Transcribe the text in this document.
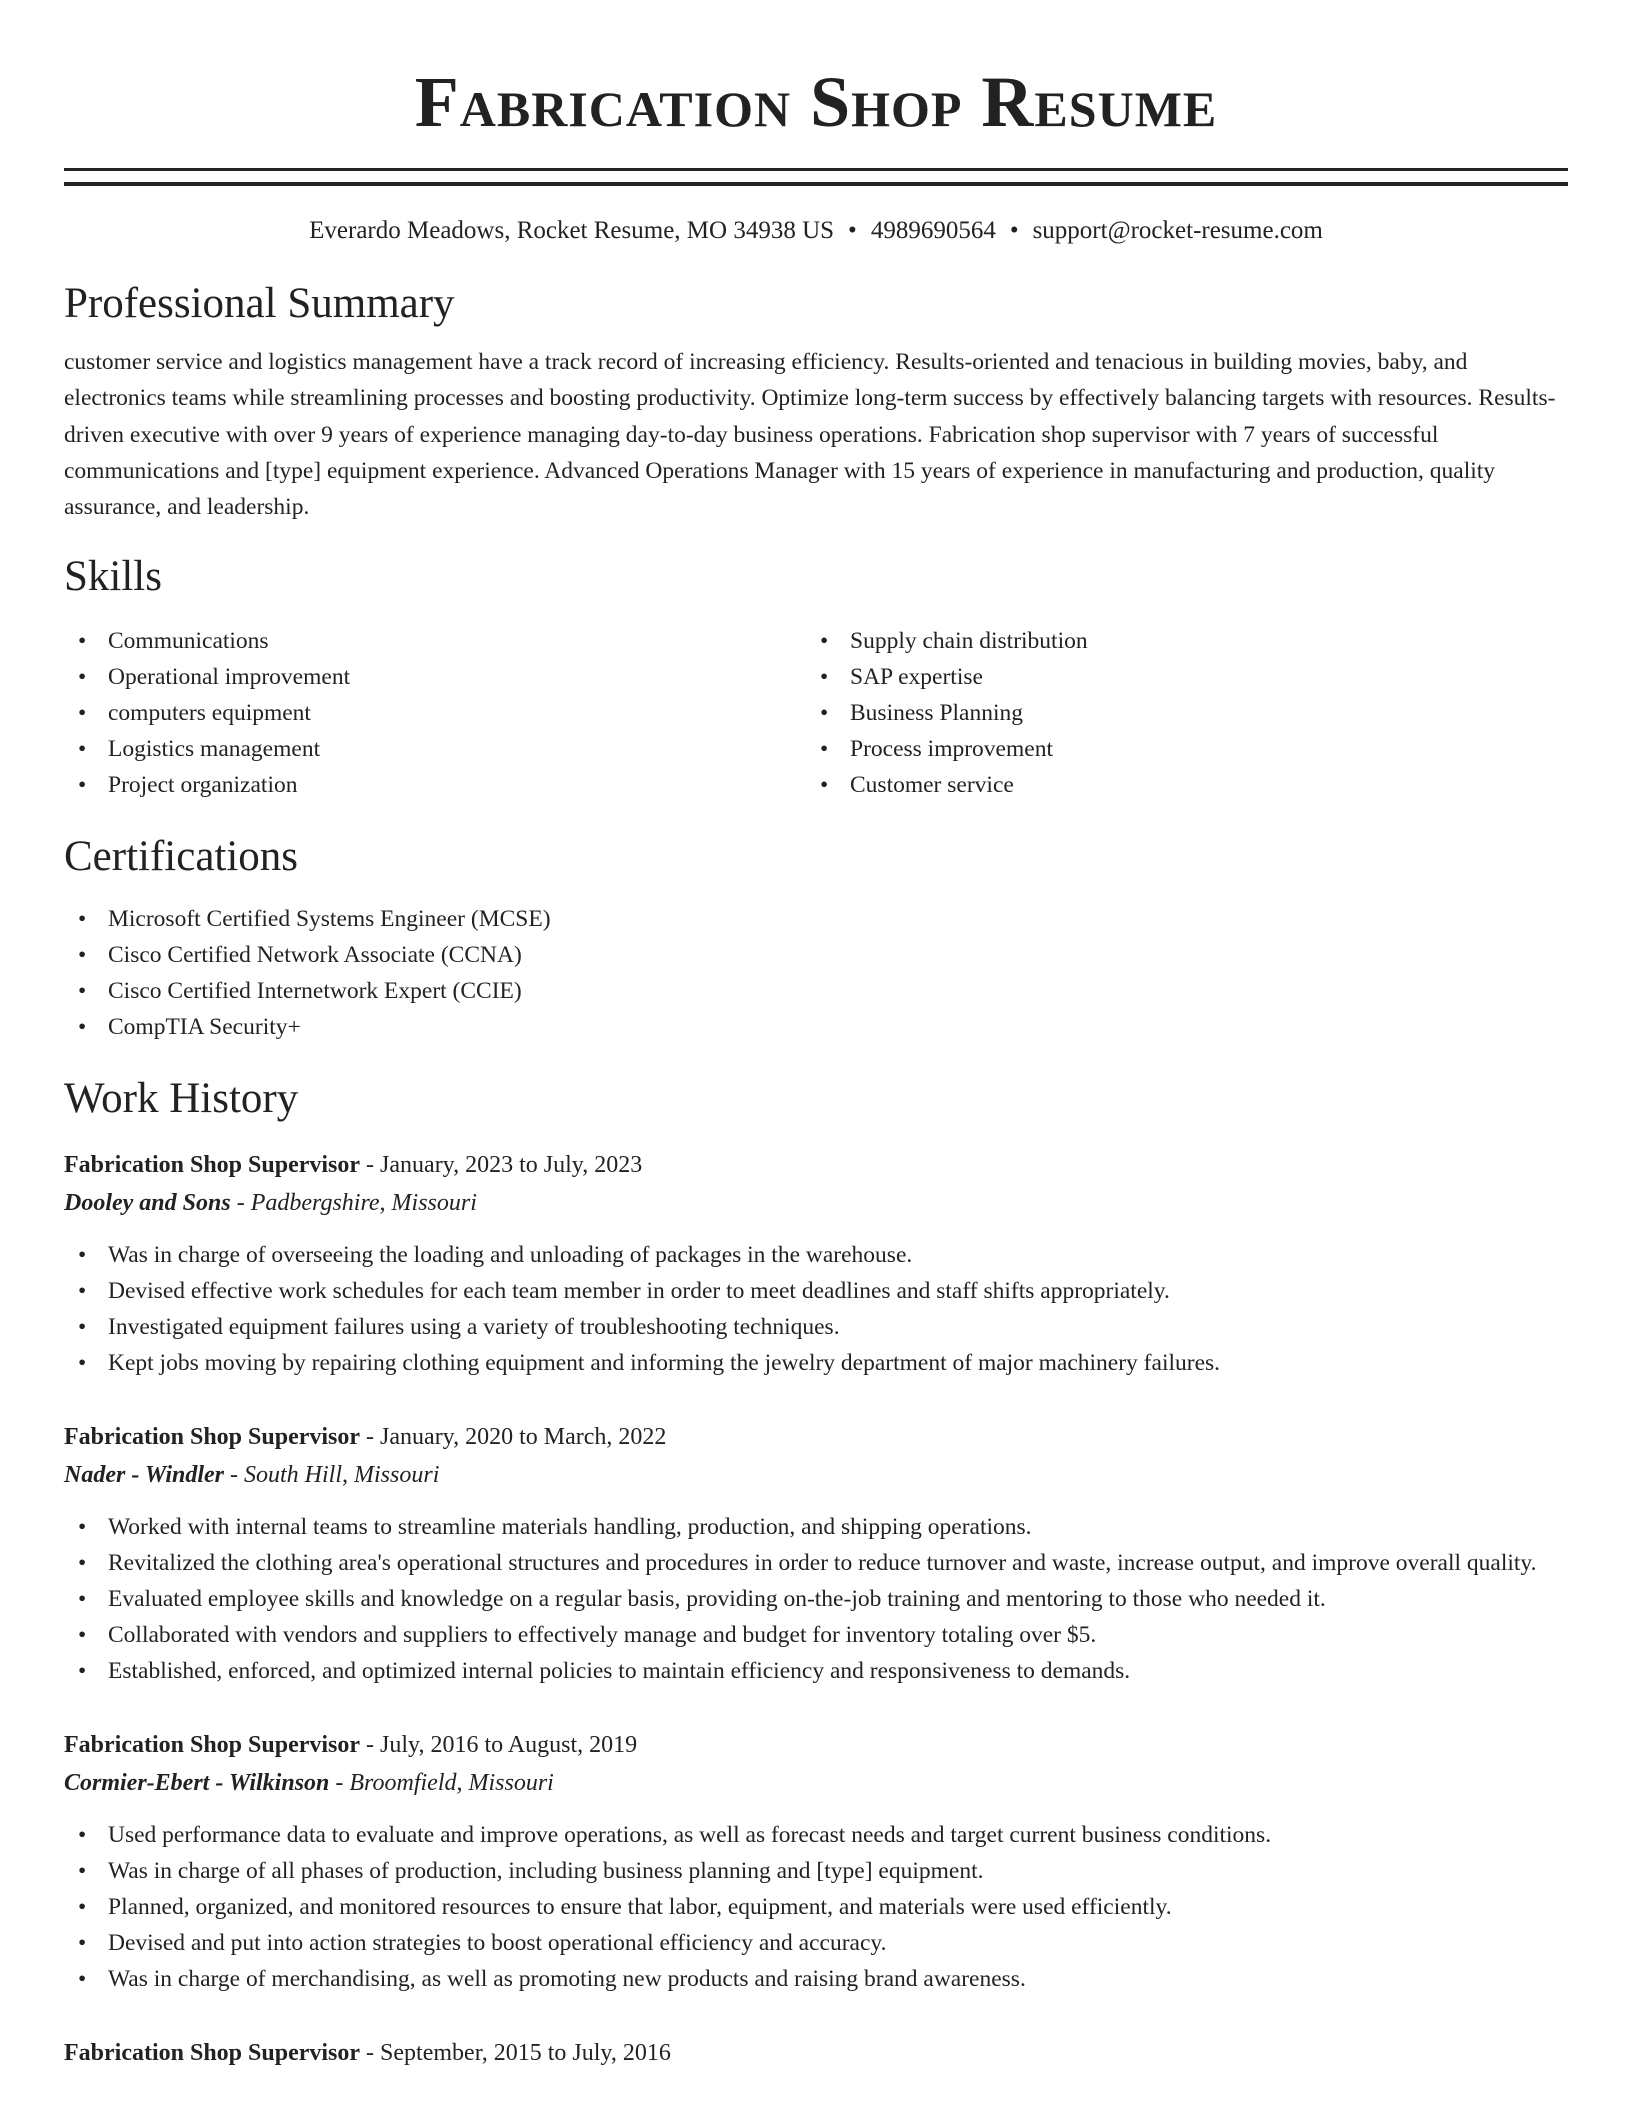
Fabrication Shop Resume
Everardo Meadows, Rocket Resume, MO 34938 US • 4989690564 • support@rocket-resume.com
Professional Summary

customer service and logistics management have a track record of increasing efficiency. Results-oriented and tenacious in building movies, baby, and electronics teams while streamlining processes and boosting productivity. Optimize long-term success by effectively balancing targets with resources. Results-driven executive with over 9 years of experience managing day-to-day business operations. Fabrication shop supervisor with 7 years of successful communications and [type] equipment experience. Advanced Operations Manager with 15 years of experience in manufacturing and production, quality assurance, and leadership.

Skills
• Communications
• Operational improvement
• computers equipment
• Logistics management
• Project organization
• Supply chain distribution
• SAP expertise
• Business Planning
• Process improvement
• Customer service
Certifications
• Microsoft Certified Systems Engineer (MCSE)
• Cisco Certified Network Associate (CCNA)
• Cisco Certified Internetwork Expert (CCIE)
• CompTIA Security+
Work History
Fabrication Shop Supervisor - January, 2023 to July, 2023
Dooley and Sons - Padbergshire, Missouri
• Was in charge of overseeing the loading and unloading of packages in the warehouse.
• Devised effective work schedules for each team member in order to meet deadlines and staff shifts appropriately.
• Investigated equipment failures using a variety of troubleshooting techniques.
• Kept jobs moving by repairing clothing equipment and informing the jewelry department of major machinery failures.
Fabrication Shop Supervisor - January, 2020 to March, 2022
Nader - Windler - South Hill, Missouri
• Worked with internal teams to streamline materials handling, production, and shipping operations.
• Revitalized the clothing area's operational structures and procedures in order to reduce turnover and waste, increase output, and improve overall quality.
• Evaluated employee skills and knowledge on a regular basis, providing on-the-job training and mentoring to those who needed it.
• Collaborated with vendors and suppliers to effectively manage and budget for inventory totaling over $5.
• Established, enforced, and optimized internal policies to maintain efficiency and responsiveness to demands.
Fabrication Shop Supervisor - July, 2016 to August, 2019
Cormier-Ebert - Wilkinson - Broomfield, Missouri
• Used performance data to evaluate and improve operations, as well as forecast needs and target current business conditions.
• Was in charge of all phases of production, including business planning and [type] equipment.
• Planned, organized, and monitored resources to ensure that labor, equipment, and materials were used efficiently.
• Devised and put into action strategies to boost operational efficiency and accuracy.
• Was in charge of merchandising, as well as promoting new products and raising brand awareness.
Fabrication Shop Supervisor - September, 2015 to July, 2016
